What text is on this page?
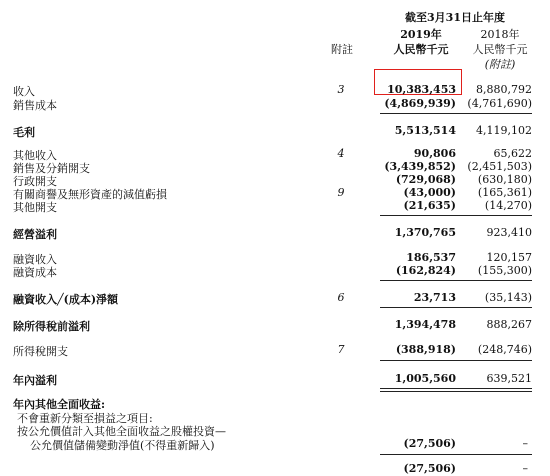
截至3月31日止年度
2019年	2018年
附註	人民幣千元	人民幣千元
(附註)
收入	3	10,383,453 8,880,792
銷售成本	(4,869,939) (4,761,690)
毛利	5,513,514 4,119,102
其他收入	4	90,806	65,622
銷售及分銷開支	(3,439,852) (2,451,503)
行政開支	(729,068) (630,180)
有關商譽及無形資產的減值虧損	9	(43,000) (165,361)
其他開支	(21,635)	(14,270)
經營溢利	1,370,765	923,410
融資收入	186,537	120,157
融資成本	(162,824) (155,300)
融資收入╱(成本)淨額	6	23,713	(35,143)
除所得稅前溢利	1,394,478	888,267
所得稅開支	7	(388,918) (248,746)
年內溢利	1,005,560	639,521
年內其他全面收益:
不會重新分類至損益之項目:
按公允價值計入其他全面收益之股權投資—
公允價值儲備變動淨值(不得重新歸入)	(27,506)	–
(27,506)	–
